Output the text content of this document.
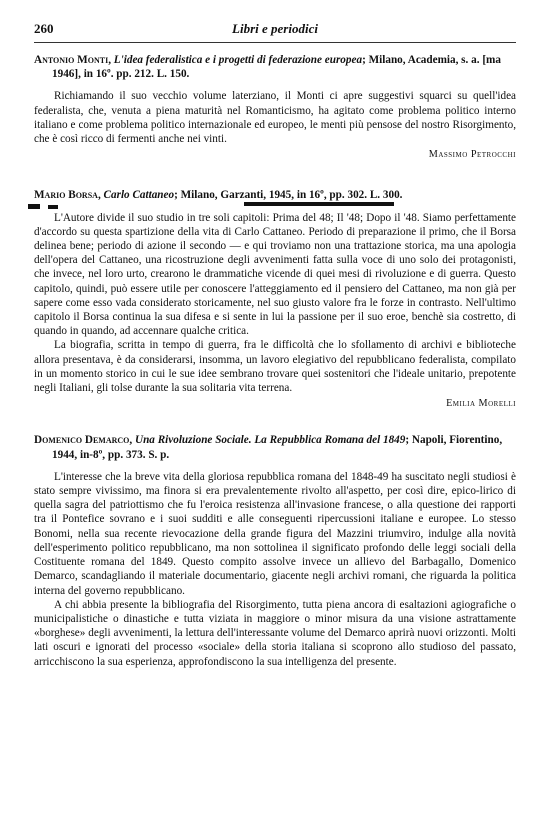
260	Libri e periodici
Antonio Monti, L'idea federalistica e i progetti di federazione europea; Milano, Academia, s. a. [ma 1946], in 16º. pp. 212. L. 150.

Richiamando il suo vecchio volume laterziano, il Monti ci apre suggestivi squarci su quell'idea federalista, che, venuta a piena maturità nel Romanticismo, ha agitato come problema politico interno italiano e come problema politico internazionale ed europeo, le menti più pensose del nostro Risorgimento, che è così ricco di fermenti anche nei vinti.

Massimo Petrocchi
Mario Borsa, Carlo Cattaneo; Milano, Garzanti, 1945, in 16º, pp. 302. L. 300.

L'Autore divide il suo studio in tre soli capitoli: Prima del 48; Il '48; Dopo il '48. Siamo perfettamente d'accordo su questa spartizione della vita di Carlo Cattaneo. Periodo di preparazione il primo, che il Borsa delinea bene; periodo di azione il secondo — e qui troviamo non una trattazione storica, ma una apologia dell'opera del Cattaneo, una ricostruzione degli avvenimenti fatta sulla voce di uno solo dei protagonisti, che invece, nel loro urto, crearono le drammatiche vicende di quei mesi di rivoluzione e di guerra. Questo capitolo, quindi, può essere utile per conoscere l'atteggiamento ed il pensiero del Cattaneo, ma non già per sapere come esso vada considerato storicamente, nel suo giusto valore fra le forze in contrasto. Nell'ultimo capitolo il Borsa continua la sua difesa e si sente in lui la passione per il suo eroe, benchè sia costretto, di quando in quando, ad accennare qualche critica.

La biografia, scritta in tempo di guerra, fra le difficoltà che lo sfollamento di archivi e biblioteche allora presentava, è da considerarsi, insomma, un lavoro elegiativo del repubblicano federalista, compilato in un momento storico in cui le sue idee sembrano trovare quei sostenitori che l'ideale unitario, prepotente negli Italiani, gli tolse durante la sua solitaria vita terrena.

Emilia Morelli
Domenico Demarco, Una Rivoluzione Sociale. La Repubblica Romana del 1849; Napoli, Fiorentino, 1944, in-8º, pp. 373. S. p.

L'interesse che la breve vita della gloriosa repubblica romana del 1848-49 ha suscitato negli studiosi è stato sempre vivissimo, ma finora si era prevalentemente rivolto all'aspetto, per così dire, epico-lirico di quella sagra del patriottismo che fu l'eroica resistenza all'invasione francese, o alla questione dei rapporti tra il Pontefice sovrano e i suoi sudditi e alle conseguenti ripercussioni italiane e europee. Lo stesso Bonomi, nella sua recente rievocazione della grande figura del Mazzini triumviro, indulge alla novità dell'esperimento politico repubblicano, ma non sottolinea il significato profondo delle leggi sociali della Costituente romana del 1849. Questo compito assolve invece un allievo del Barbagallo, Domenico Demarco, scandagliando il materiale documentario, giacente negli archivi romani, che riguarda la politica interna del governo repubblicano.

A chi abbia presente la bibliografia del Risorgimento, tutta piena ancora di esaltazioni agiografiche o municipalistiche o dinastiche e tutta viziata in maggiore o minor misura da una visione astrattamente «borghese» degli avvenimenti, la lettura dell'interessante volume del Demarco aprirà nuovi orizzonti. Molti lati oscuri e ignorati del processo «sociale» della storia italiana si scoprono allo studioso del passato, arricchiscono la sua esperienza, approfondiscono la sua intelligenza del presente.
